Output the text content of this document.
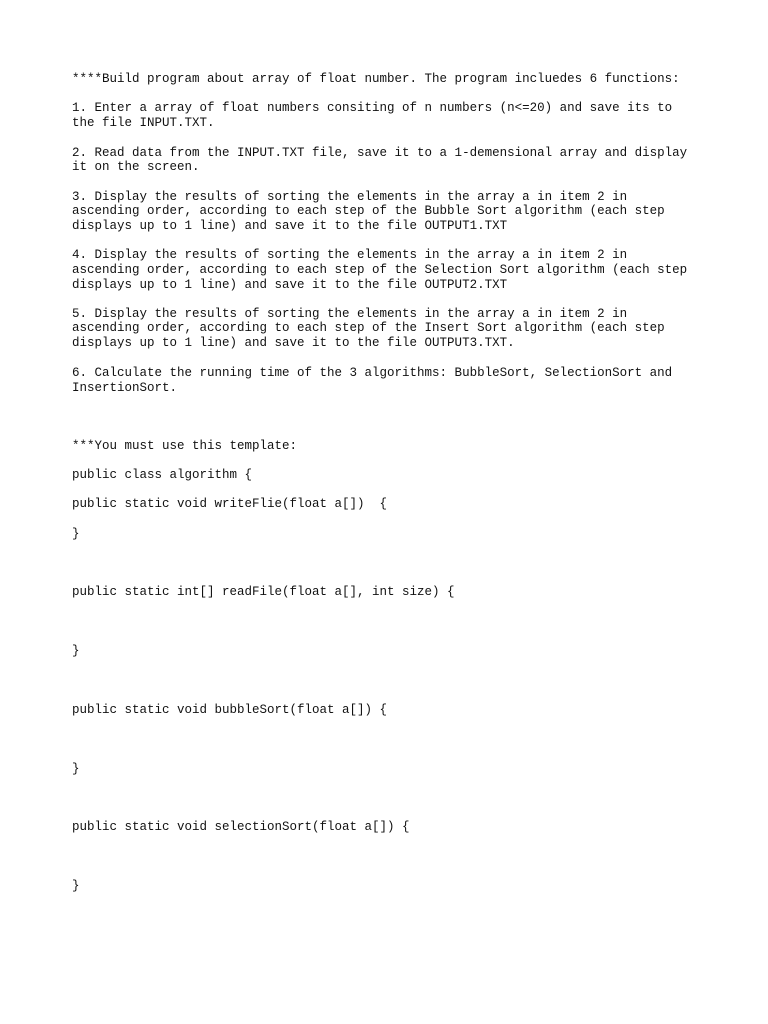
****Build program about array of float number. The program incluedes 6 functions:
1. Enter a array of float numbers consiting of n numbers (n<=20) and save its to
the file INPUT.TXT.
2. Read data from the INPUT.TXT file, save it to a 1-demensional array and display
it on the screen.
3. Display the results of sorting the elements in the array a in item 2 in
ascending order, according to each step of the Bubble Sort algorithm (each step
displays up to 1 line) and save it to the file OUTPUT1.TXT
4. Display the results of sorting the elements in the array a in item 2 in
ascending order, according to each step of the Selection Sort algorithm (each step
displays up to 1 line) and save it to the file OUTPUT2.TXT
5. Display the results of sorting the elements in the array a in item 2 in
ascending order, according to each step of the Insert Sort algorithm (each step
displays up to 1 line) and save it to the file OUTPUT3.TXT.
6. Calculate the running time of the 3 algorithms: BubbleSort, SelectionSort and
InsertionSort.
***You must use this template:
public class algorithm {
public static void writeFlie(float a[])  {
}
public static int[] readFile(float a[], int size) {
}
public static void bubbleSort(float a[]) {
}
public static void selectionSort(float a[]) {
}
